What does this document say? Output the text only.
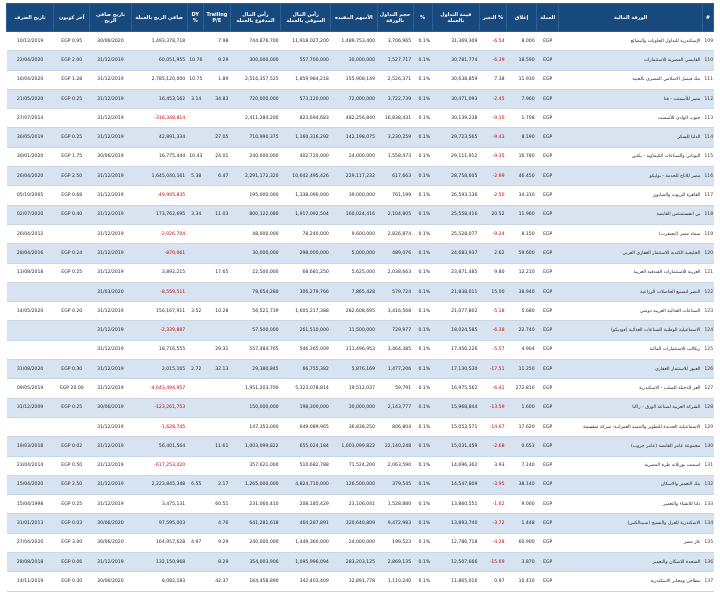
تاريخ الصرف	آخر كوبون	تاريخ صافي الربح	صافي الربح بالعملة	DY %	Trailing P/E	رأس المال المدفوع بالعملة	رأس المال السوقي بالعملة	الأسهم المقيدة	حجم التداول بالورقة	%	قيمة التداول بالعملة	التغير %	إغلاق	العملة	الورقة المالية	#
10/12/2019	EGP 0.95	30/06/2020	1,493,378,718		7.98	744,876,700	11,918,027,200	1,489,753,400	3,706,965	0.1%	31,369,309	-6.54	8.000	EGP	الإسكندرية للتداول الحاويات والبضائع	109
22/04/2020	EGP 2.00	31/12/2019	60,051,955	10.76	9.29	300,000,000	557,700,000	30,000,000	1,527,717	0.1%	30,781,774	-6.39	18.590	EGP	القابضي المصرية للاستثمارات	110
16/04/2020	EGP 1.28	31/12/2019	2,785,120,000	10.75	1.89	2,516,357,525	1,859,984,218	155,908,149	2,526,371	0.1%	30,638,859	7.38	11.930	EGP	بنك فيصل الاسلامي المصري بالجنية	111
21/05/2020	EGP 0.25	31/12/2019	16,453,162	3.14	34.83	720,000,000	573,120,000	72,000,000	3,722,739	0.1%	30,471,093	-2.45	7.960	EGP	مصر للأسمنت - قنا	112
27/07/2014		31/12/2019	-316,348,814			2,411,284,200	823,694,683	482,256,840	16,838,431	0.1%	30,139,238	-9.10	1.708	EGP	جنوب الوادي للأسمنت	113
30/05/2019	EGP 0.25	31/12/2019	42,891,334		27.05	710,990,375	1,160,316,292	142,198,075	3,230,259	0.1%	29,723,565	-9.43	8.190	EGP	الدلتا للسكر	114
30/01/2020	EGP 1.75	30/06/2019	16,775,444	10.43	24.01	240,000,000	402,720,000	24,000,000	1,558,473	0.1%	29,111,912	-9.35	16.780	EGP	اليوناني والصناعات الكيماوية - يكتين	115
26/04/2020	EGP 2.50	31/12/2019	1,645,040,161	5.38	6.47	2,291,172,320	10,642,495,426	229,117,232	617,663	0.1%	28,758,605	-2.99	46.450	EGP	مصر للاتاج للحدمة - بوليكو	116
05/10/2005	EGP 0.68	31/12/2019	-49,905,835			195,000,000	1,338,090,000	39,000,000	761,199	0.1%	26,593,136	-2.50	34.310	EGP	القاهرة للزيوت والصابون	117
02/07/2020	EGP 0.40	31/12/2019	173,762,695	3.34	11.03	800,122,080	1,917,092,504	160,024,416	2,104,805	0.1%	25,558,416	20.52	11.960	EGP	بي انفستمنتس القابضة	118
26/04/2012		31/12/2019	-2,026,704			48,000,000	78,240,000	9,600,000	2,826,874	0.1%	25,528,077	-9.24	8.150	EGP	سماد مصر (ايجيفرت)	119
28/04/2016	EGP 0.24	31/12/2019	-870,061			30,000,000	298,000,000	5,000,000	489,076	0.1%	24,683,937	2.62	59.600	EGP	الخليجية الكندية للاستثمار العقاري العربي	120
13/08/2018	EGP 0.25	31/12/2019	3,892,215		17.65	22,500,000	68,681,250	5,625,000	2,038,663	0.1%	23,871,485	9.80	12.210	EGP	العربية للاستثمارات الفندقية العربية	121
		31/03/2020	-8,559,511			78,654,280	306,279,766	7,865,428	579,724	0.1%	21,838,011	15.00	38.940	EGP	النصر لتصنيع الحاصلات الزراعية	122
14/05/2020	EGP 0.20	31/12/2019	156,167,911	3.52	10.28	56,521,739	1,605,217,388	282,608,695	3,416,568	0.1%	21,077,802	-5.18	5.680	EGP	الصناعات الغذائية العربية دومتي	123
		31/12/2019	-2,339,887			57,500,000	261,510,000	11,500,000	729,977	0.1%	18,024,585	-6.38	22.740	EGP	الاسماعيلية الوطنية للصناعات الغذائية (فوديكو)	124
		31/12/2019	18,716,555		29.31	557,484,765	546,365,009	111,496,953	3,464,385	0.1%	17,456,226	-5.57	4.904	EGP	زيكالب للاستثمارات المالية	125
31/08/2020	EGP 0.30	31/12/2019	2,015,165	2.72	32.13	29,380,845	66,755,382	5,876,169	1,477,206	0.1%	17,130,530	-17.51	11.250	EGP	العبور للاستثمار العقاري	126
09/05/2019	EGP 20.00	31/12/2019	-4,643,494,957			1,951,203,700	5,323,078,814	19,512,037	59,791	0.1%	16,975,562	-6.41	272.810	EGP	العز الدخيلة للصلب - الاسكندرية	127
31/12/2009	EGP 0.25	30/06/2019	-123,261,753			150,000,000	198,300,000	30,000,000	2,143,777	0.1%	15,968,844	-13.59	1.600	EGP	الشركة العربية لصناعة الورق - راكتا	128
		31/12/2019	-1,628,745			147,353,000	649,089,965	36,838,250	806,804	0.1%	15,053,571	-14.67	17.620	EGP	الاسماعيلية الجديدة للتطوير والتنمية العمرانية- شركة منقسمة	129
19/03/2018	EGP 0.02	31/12/2019	56,401,564		11.61	1,003,099,822	655,024,184	1,003,099,822	22,140,248	0.1%	15,031,459	-2.68	0.653	EGP	مجموعة عامر القابضة (عامر جروب)	130
23/04/2014	EGP 0.50	31/12/2019	-617,253,420			357,621,000	510,682,788	71,524,200	2,063,590	0.1%	14,696,362	3.93	7.140	EGP	اسمنت بورتلاند طرة المصرية	131
15/04/2020	EGP 2.50	31/12/2019	2,223,845,348	6.55	2.17	1,265,000,000	4,824,710,000	126,500,000	379,545	0.1%	14,547,809	-3.95	38.140	EGP	بنك التعمير والاسكان	132
15/04/1998	EGP 0.25	31/12/2019	3,475,131		60.51	231,060,410	208,185,429	23,106,041	1,528,880	0.1%	13,860,551	-1.62	9.000	EGP	دلتا للانشاء والتعمير	133
31/01/2013	EGP 0.03	30/06/2020	97,595,003		4.76	641,281,618	464,287,891	320,640,809	9,472,983	0.1%	13,893,740	-3.72	1.448	EGP	الاسكندرية للغزل والنسيج (سبينالكس)	134
27/04/2020	EGP 3.00	30/06/2020	164,957,628	4.97	9.29	240,000,000	1,449,360,000	24,000,000	199,523	0.1%	12,786,718	-4.28	60.900	EGP	غاز مصر	135
28/08/2018	EGP 0.06	31/12/2019	132,150,968		8.29	354,003,906	1,095,996,094	283,203,125	2,869,135	0.1%	12,507,666	-15.69	3.870	EGP	المتحدة للاسكان والتعمير	136
14/11/2019	EGP 0.30	30/06/2020	8,082,183		42.37	164,458,890	342,403,409	32,891,778	1,110,240	0.1%	11,865,016	0.97	10.410	EGP	مطاحن ومخابز الاسكندرية	137
